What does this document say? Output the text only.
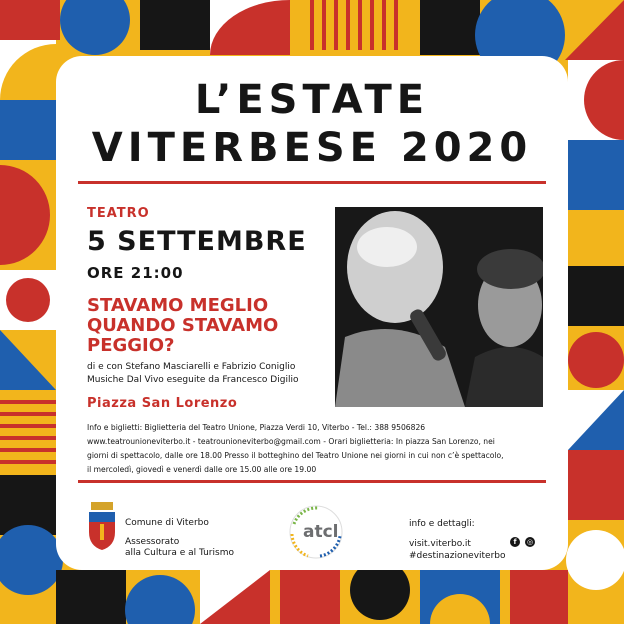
L’ESTATE
VITERBESE 2020
TEATRO
5 SETTEMBRE
ORE 21:00
STAVAMO MEGLIO
QUANDO STAVAMO
PEGGIO?
di e con Stefano Masciarelli e Fabrizio Coniglio
Musiche Dal Vivo eseguite da Francesco Digilio
Piazza San Lorenzo
Info e biglietti: Biglietteria del Teatro Unione, Piazza Verdi 10, Viterbo - Tel.: 388 9506826
www.teatrounioneviterbo.it - teatrounioneviterbo@gmail.com - Orari biglietteria: In piazza San Lorenzo, nei
giorni di spettacolo, dalle ore 18.00 Presso il botteghino del Teatro Unione nei giorni in cui non c’è spettacolo,
il mercoledì, giovedì e venerdì dalle ore 15.00 alle ore 19.00
Comune di Viterbo
Assessorato
alla Cultura e al Turismo
atcl	info e dettagli:
visit.viterbo.it
#destinazioneviterbo
f	◎
